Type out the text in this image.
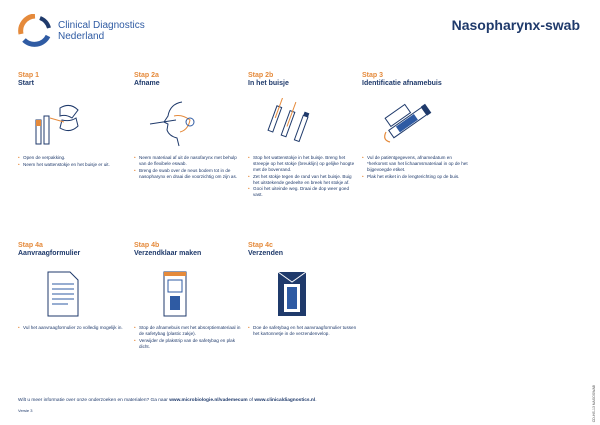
Clinical Diagnostics
Nederland
Nasopharynx-swab

Stap 1

Start

• Open de verpakking.
• Neem het wattenstokje en het buisje er uit.

Stap 2a

Afname

• Neem materiaal af uit de nasofarynx met behulp van de flexibele eswab.
• Breng de swab over de neus bodem tot in de nasopharynx en draai die voorzichtig om zijn as.

Stap 2b

In het buisje

• Stop het wattenstokje in het buisje. Breng het streepje op het stokje (breuklijn) op gelijke hoogte met de bovenrand.
• Zet het stokje tegen de rand van het buisje. Buig het uitstekende gedeelte en breek het stokje af.
• Gooi het uiteinde weg. Draai de dop weer goed vast.

Stap 3

Identificatie afnamebuis

• Vul de patiëntgegevens, afnamedatum en *herkomst van het lichaamsmateriaal in op de het bijgevoegde etiket.
• Plak het etiket in de lengterichting op de buis.

Stap 4a

Aanvraagformulier

• Vul het aanvraagformulier zo volledig mogelijk in.

Stap 4b

Verzendklaar maken

• Stop de afnamebuis met het absorptiemateriaal in de safetybag (plastic zakje).
• Verwijder de plakstrip van de safetybag en plak dicht.

Stap 4c

Verzenden

• Doe de safetybag en het aanvraagformulier tussen het kartonnetje in de verzendenvelop.
Wilt u meer informatie over onze onderzoeken en materialen? Ga naar www.microbiologie.nl/vademecum of www.clinicaldiagnostics.nl.
Versie 3	CD-HS-13 NASOSWAB
